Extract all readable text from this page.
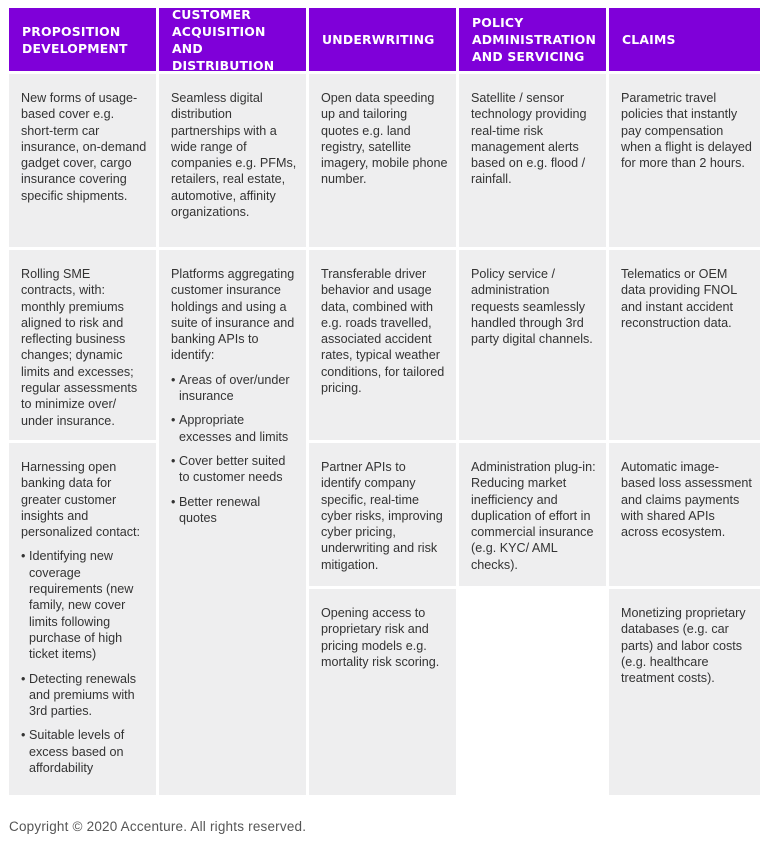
PROPOSITION DEVELOPMENT
CUSTOMER ACQUISITION AND DISTRIBUTION
UNDERWRITING
POLICY ADMINISTRATION AND SERVICING
CLAIMS

New forms of usage-based cover e.g. short-term car insurance, on-demand gadget cover, cargo insurance covering specific shipments.

Rolling SME contracts, with: monthly premiums aligned to risk and reflecting business changes; dynamic limits and excesses; regular assessments to minimize over/ under insurance.

Harnessing open banking data for greater customer insights and personalized contact:

• Identifying new coverage requirements (new family, new cover limits following purchase of high ticket items)
• Detecting renewals and premiums with 3rd parties.
• Suitable levels of excess based on affordability

Seamless digital distribution partnerships with a wide range of companies e.g. PFMs, retailers, real estate, automotive, affinity organizations.

Platforms aggregating customer insurance holdings and using a suite of insurance and banking APIs to identify:

• Areas of over/under insurance
• Appropriate excesses and limits
• Cover better suited to customer needs
• Better renewal quotes

Open data speeding up and tailoring quotes e.g. land registry, satellite imagery, mobile phone number.

Transferable driver behavior and usage data, combined with e.g. roads travelled, associated accident rates, typical weather conditions, for tailored pricing.

Partner APIs to identify company specific, real-time cyber risks, improving cyber pricing, underwriting and risk mitigation.

Opening access to proprietary risk and pricing models e.g. mortality risk scoring.

Satellite / sensor technology providing real-time risk management alerts based on e.g. flood / rainfall.

Policy service / administration requests seamlessly handled through 3rd party digital channels.

Administration plug-in: Reducing market inefficiency and duplication of effort in commercial insurance (e.g. KYC/ AML checks).

Parametric travel policies that instantly pay compensation when a flight is delayed for more than 2 hours.

Telematics or OEM data providing FNOL and instant accident reconstruction data.

Automatic image-based loss assessment and claims payments with shared APIs across ecosystem.

Monetizing proprietary databases (e.g. car parts) and labor costs (e.g. healthcare treatment costs).

Copyright © 2020 Accenture. All rights reserved.
